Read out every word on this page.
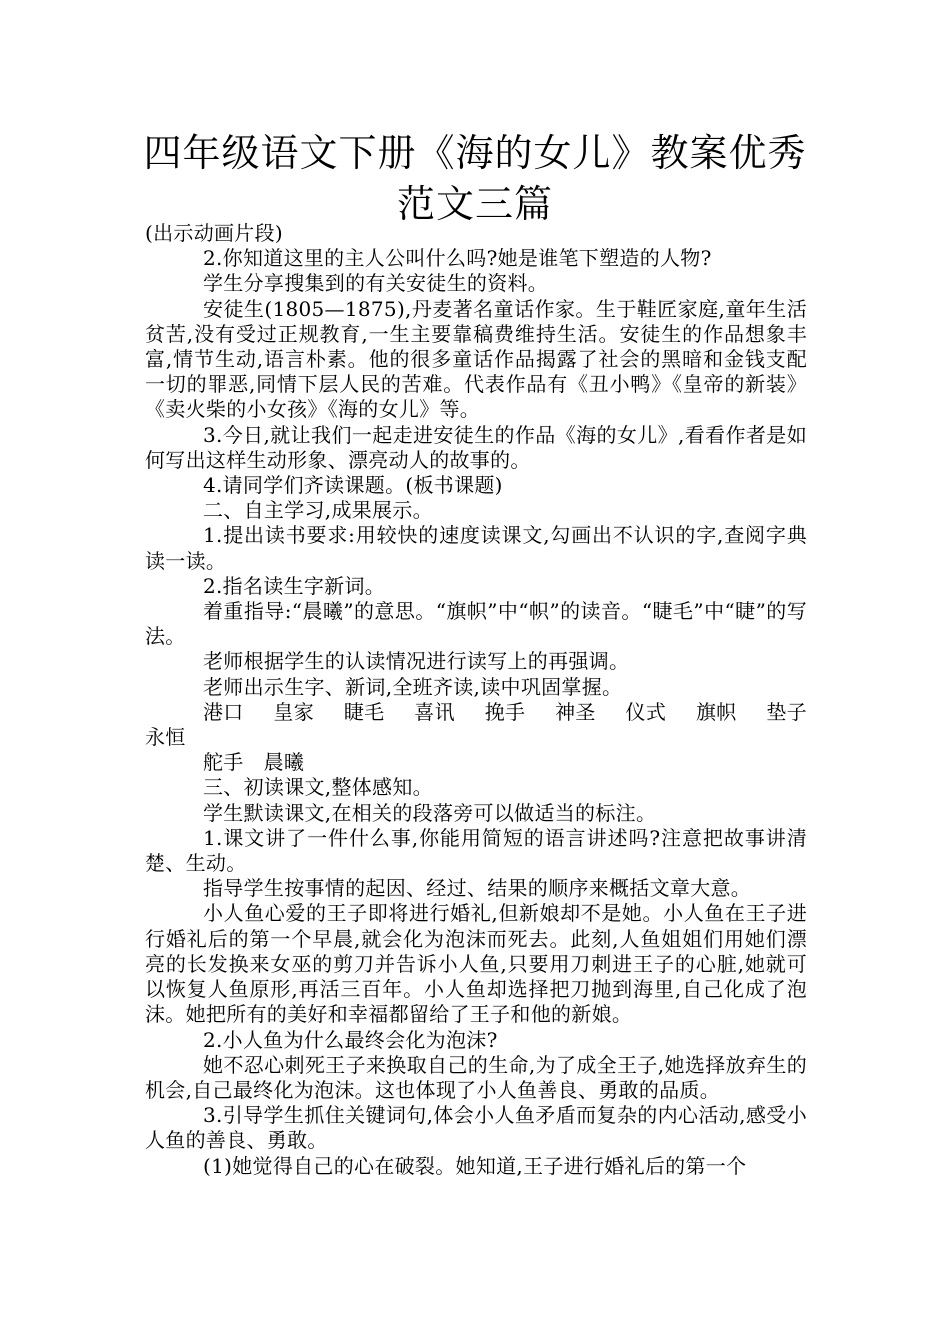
四年级语文下册《海的女儿》教案优秀范文三篇

(出示动画片段)

2.你知道这里的主人公叫什么吗?她是谁笔下塑造的人物?

学生分享搜集到的有关安徒生的资料。

安徒生(1805—1875),丹麦著名童话作家。生于鞋匠家庭,童年生活贫苦,没有受过正规教育,一生主要靠稿费维持生活。安徒生的作品想象丰富,情节生动,语言朴素。他的很多童话作品揭露了社会的黑暗和金钱支配一切的罪恶,同情下层人民的苦难。代表作品有《丑小鸭》《皇帝的新装》《卖火柴的小女孩》《海的女儿》等。

3.今日,就让我们一起走进安徒生的作品《海的女儿》,看看作者是如何写出这样生动形象、漂亮动人的故事的。

4.请同学们齐读课题。(板书课题)

二、自主学习,成果展示。

1.提出读书要求:用较快的速度读课文,勾画出不认识的字,查阅字典读一读。

2.指名读生字新词。

着重指导:“晨曦”的意思。“旗帜”中“帜”的读音。“睫毛”中“睫”的写法。

老师根据学生的认读情况进行读写上的再强调。

老师出示生字、新词,全班齐读,读中巩固掌握。

港口 皇家 睫毛 喜讯 挽手 神圣 仪式 旗帜 垫子

永恒

舵手 晨曦

三、初读课文,整体感知。

学生默读课文,在相关的段落旁可以做适当的标注。

1.课文讲了一件什么事,你能用简短的语言讲述吗?注意把故事讲清楚、生动。

指导学生按事情的起因、经过、结果的顺序来概括文章大意。

小人鱼心爱的王子即将进行婚礼,但新娘却不是她。小人鱼在王子进行婚礼后的第一个早晨,就会化为泡沫而死去。此刻,人鱼姐姐们用她们漂亮的长发换来女巫的剪刀并告诉小人鱼,只要用刀刺进王子的心脏,她就可以恢复人鱼原形,再活三百年。小人鱼却选择把刀抛到海里,自己化成了泡沫。她把所有的美好和幸福都留给了王子和他的新娘。

2.小人鱼为什么最终会化为泡沫?

她不忍心刺死王子来换取自己的生命,为了成全王子,她选择放弃生的机会,自己最终化为泡沫。这也体现了小人鱼善良、勇敢的品质。

3.引导学生抓住关键词句,体会小人鱼矛盾而复杂的内心活动,感受小人鱼的善良、勇敢。

(1)她觉得自己的心在破裂。她知道,王子进行婚礼后的第一个
